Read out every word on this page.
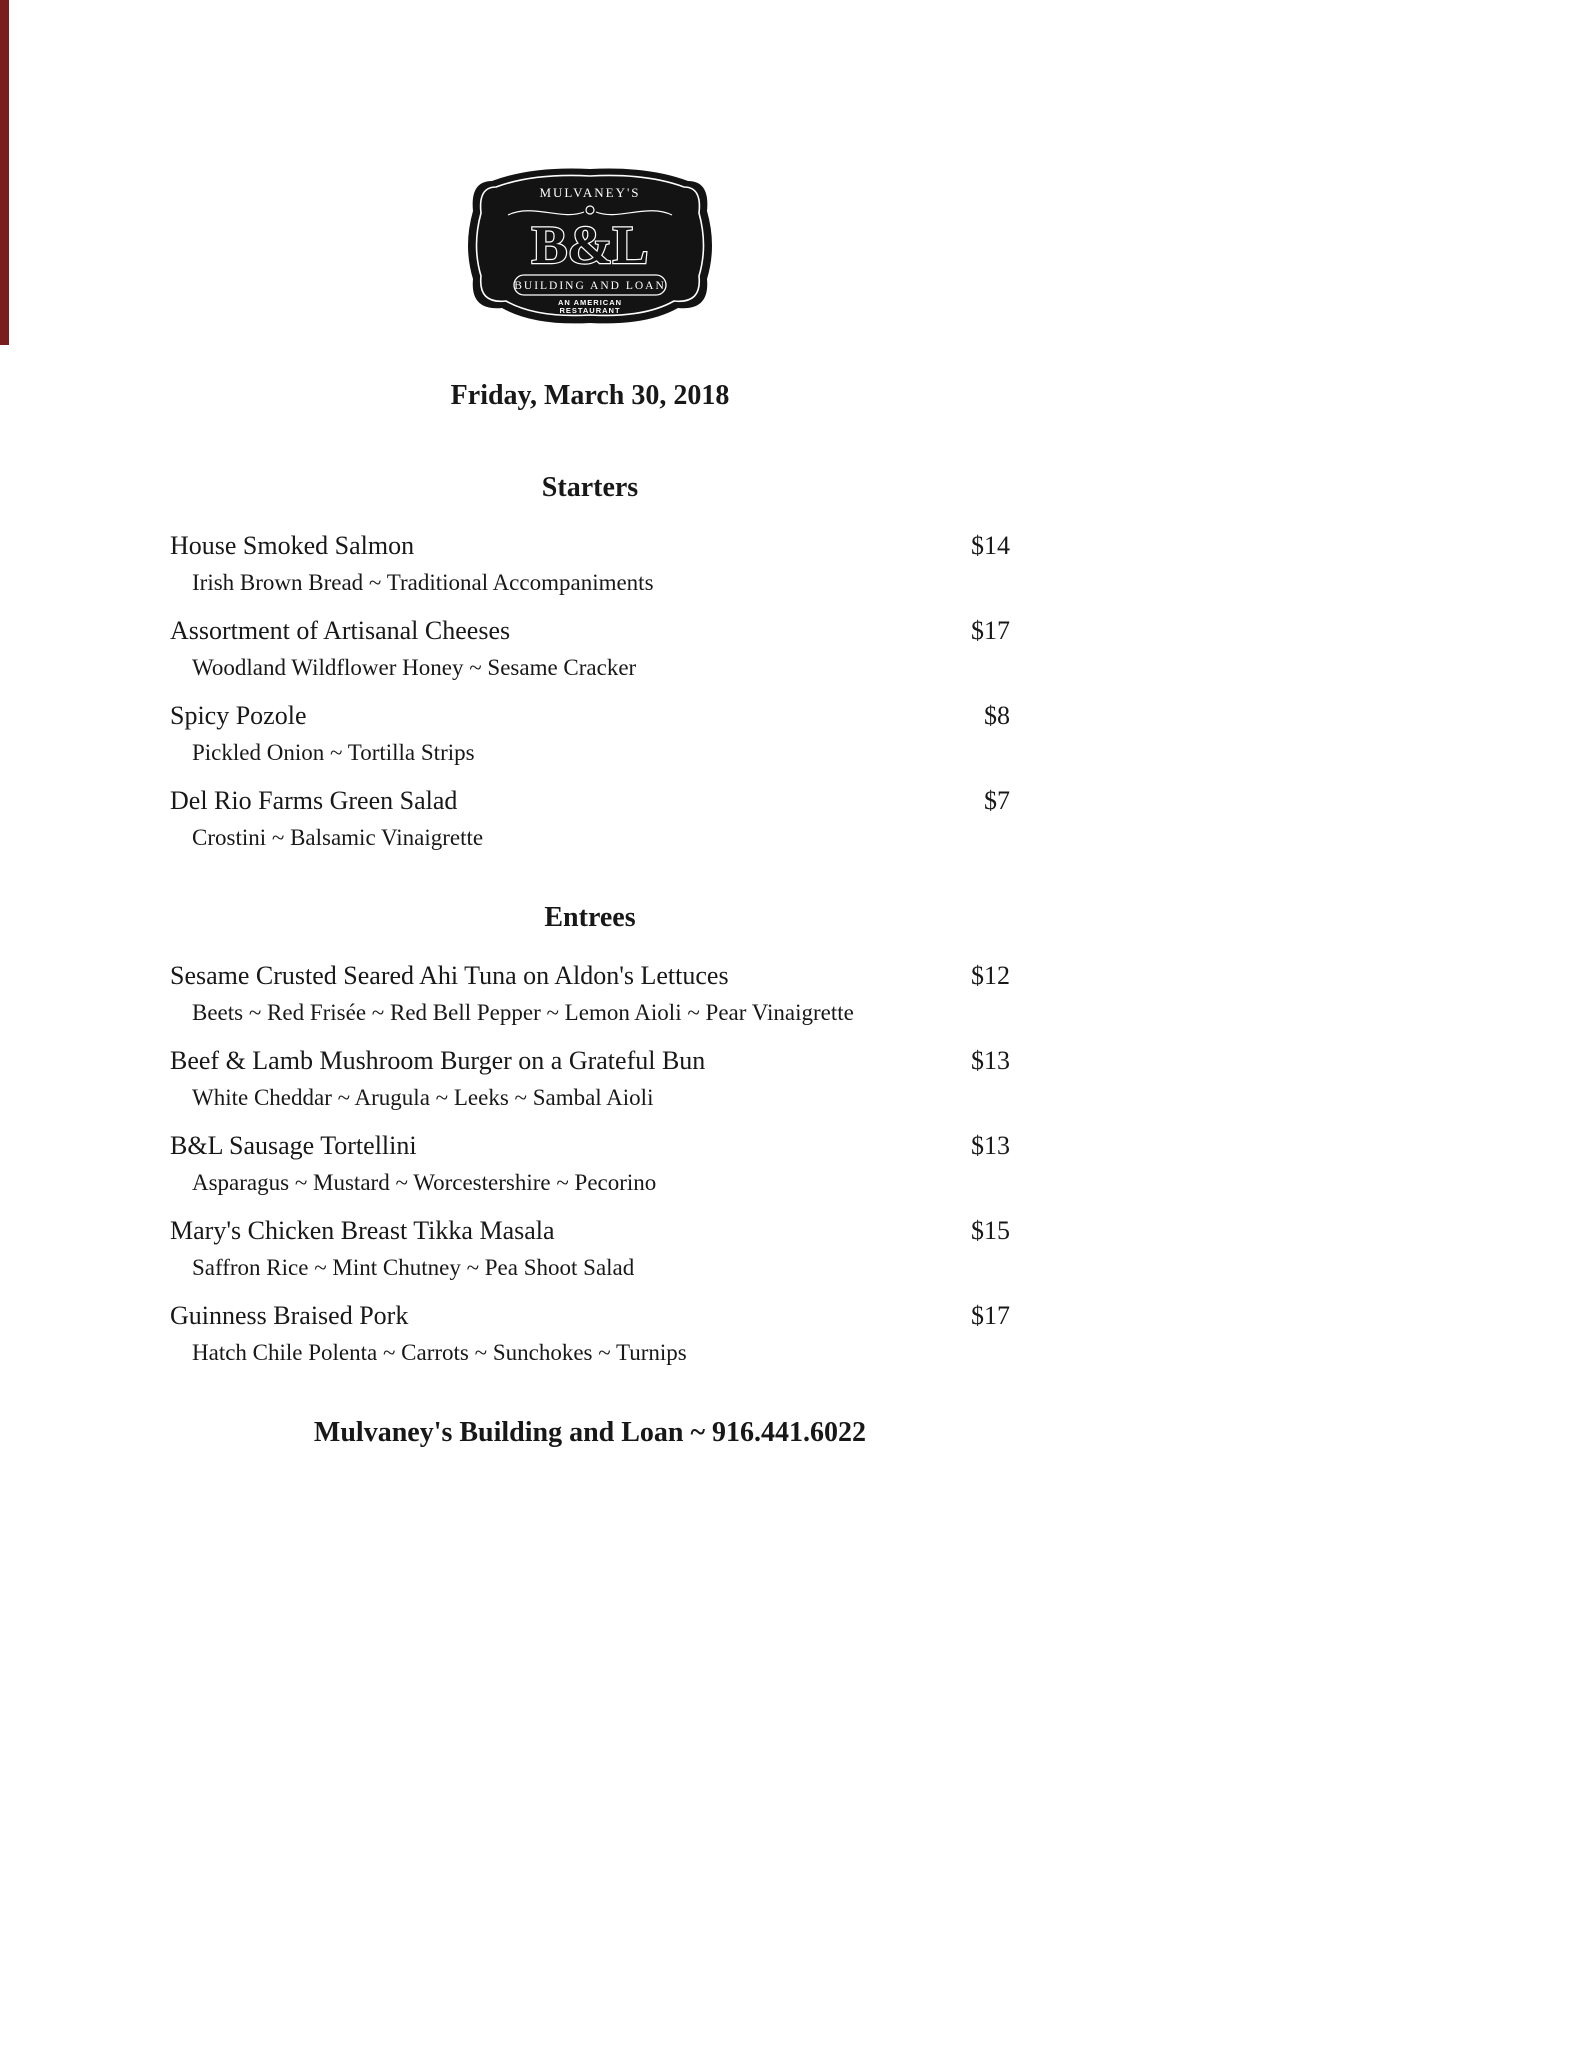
MULVANEY'S
B&L
BUILDING AND LOAN
AN AMERICAN
RESTAURANT
Friday, March 30, 2018
Starters
House Smoked Salmon	$14
Irish Brown Bread ~ Traditional Accompaniments
Assortment of Artisanal Cheeses	$17
Woodland Wildflower Honey ~ Sesame Cracker
Spicy Pozole	$8
Pickled Onion ~ Tortilla Strips
Del Rio Farms Green Salad	$7
Crostini ~ Balsamic Vinaigrette
Entrees
Sesame Crusted Seared Ahi Tuna on Aldon's Lettuces	$12
Beets ~ Red Frisée ~ Red Bell Pepper ~ Lemon Aioli ~ Pear Vinaigrette
Beef & Lamb Mushroom Burger on a Grateful Bun	$13
White Cheddar ~ Arugula ~ Leeks ~ Sambal Aioli
B&L Sausage Tortellini	$13
Asparagus ~ Mustard ~ Worcestershire ~ Pecorino
Mary's Chicken Breast Tikka Masala	$15
Saffron Rice ~ Mint Chutney ~ Pea Shoot Salad
Guinness Braised Pork	$17
Hatch Chile Polenta ~ Carrots ~ Sunchokes ~ Turnips
Mulvaney's Building and Loan ~ 916.441.6022
